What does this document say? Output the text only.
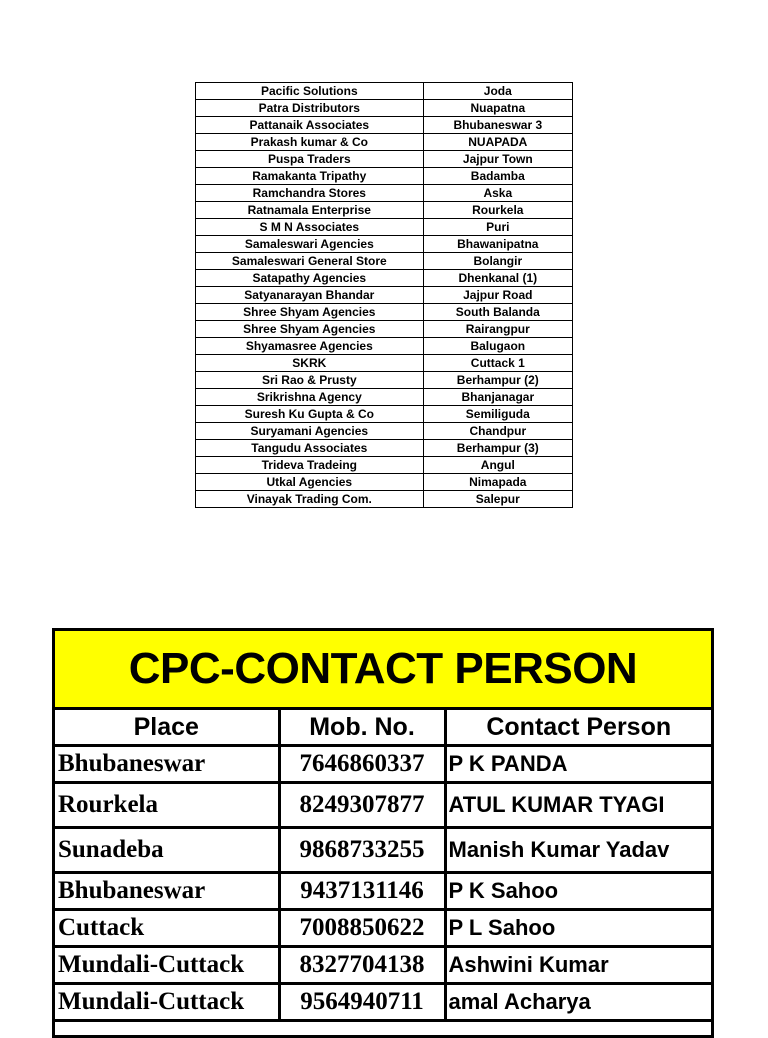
Pacific Solutions	Joda
Patra Distributors	Nuapatna
Pattanaik Associates	Bhubaneswar 3
Prakash kumar & Co	NUAPADA
Puspa Traders	Jajpur Town
Ramakanta Tripathy	Badamba
Ramchandra Stores	Aska
Ratnamala Enterprise	Rourkela
S M N Associates	Puri
Samaleswari Agencies	Bhawanipatna
Samaleswari General Store	Bolangir
Satapathy Agencies	Dhenkanal (1)
Satyanarayan Bhandar	Jajpur Road
Shree Shyam Agencies	South Balanda
Shree Shyam Agencies	Rairangpur
Shyamasree Agencies	Balugaon
SKRK	Cuttack 1
Sri Rao & Prusty	Berhampur (2)
Srikrishna Agency	Bhanjanagar
Suresh Ku Gupta & Co	Semiliguda
Suryamani Agencies	Chandpur
Tangudu Associates	Berhampur (3)
Trideva Tradeing	Angul
Utkal Agencies	Nimapada
Vinayak Trading Com.	Salepur
CPC-CONTACT PERSON
Place	Mob. No.	Contact Person
Bhubaneswar	7646860337	P K PANDA
Rourkela	8249307877	ATUL KUMAR TYAGI
Sunadeba	9868733255	Manish Kumar Yadav
Bhubaneswar	9437131146	P K Sahoo
Cuttack	7008850622	P L Sahoo
Mundali-Cuttack	8327704138	Ashwini Kumar
Mundali-Cuttack	9564940711	amal Acharya
